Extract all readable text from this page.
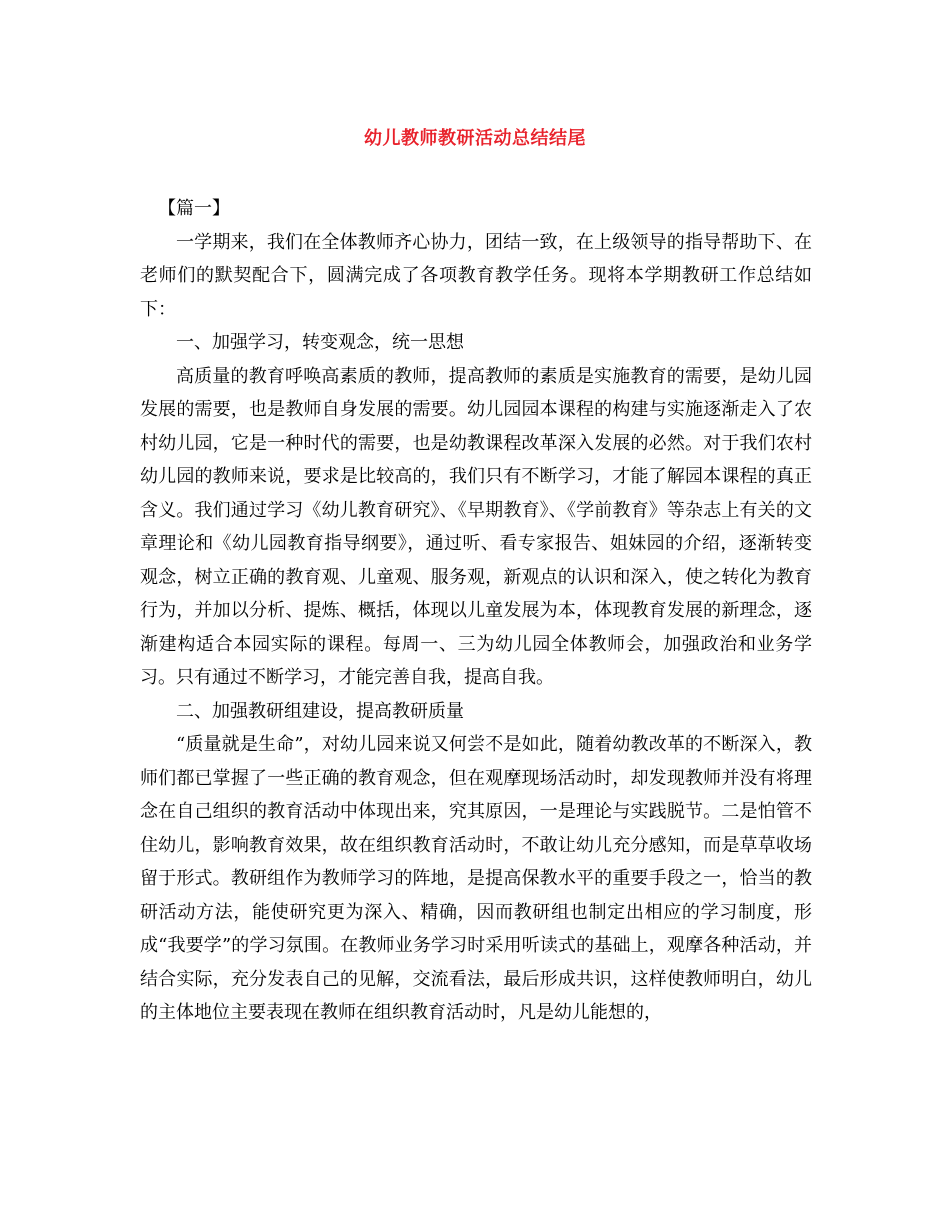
幼儿教师教研活动总结结尾

【篇一】

一学期来，我们在全体教师齐心协力，团结一致，在上级领导的指导帮助下、在老师们的默契配合下，圆满完成了各项教育教学任务。现将本学期教研工作总结如下：

一、加强学习，转变观念，统一思想

高质量的教育呼唤高素质的教师，提高教师的素质是实施教育的需要，是幼儿园发展的需要，也是教师自身发展的需要。幼儿园园本课程的构建与实施逐渐走入了农村幼儿园，它是一种时代的需要，也是幼教课程改革深入发展的必然。对于我们农村幼儿园的教师来说，要求是比较高的，我们只有不断学习，才能了解园本课程的真正含义。我们通过学习《幼儿教育研究》、《早期教育》、《学前教育》等杂志上有关的文章理论和《幼儿园教育指导纲要》，通过听、看专家报告、姐妹园的介绍，逐渐转变观念，树立正确的教育观、儿童观、服务观，新观点的认识和深入，使之转化为教育行为，并加以分析、提炼、概括，体现以儿童发展为本，体现教育发展的新理念，逐渐建构适合本园实际的课程。每周一、三为幼儿园全体教师会，加强政治和业务学习。只有通过不断学习，才能完善自我，提高自我。

二、加强教研组建设，提高教研质量

“质量就是生命”，对幼儿园来说又何尝不是如此，随着幼教改革的不断深入，教师们都已掌握了一些正确的教育观念，但在观摩现场活动时，却发现教师并没有将理念在自己组织的教育活动中体现出来，究其原因，一是理论与实践脱节。二是怕管不住幼儿，影响教育效果，故在组织教育活动时，不敢让幼儿充分感知，而是草草收场留于形式。教研组作为教师学习的阵地，是提高保教水平的重要手段之一，恰当的教研活动方法，能使研究更为深入、精确，因而教研组也制定出相应的学习制度，形成“我要学”的学习氛围。在教师业务学习时采用听读式的基础上，观摩各种活动，并结合实际，充分发表自己的见解，交流看法，最后形成共识，这样使教师明白，幼儿的主体地位主要表现在教师在组织教育活动时，凡是幼儿能想的，
